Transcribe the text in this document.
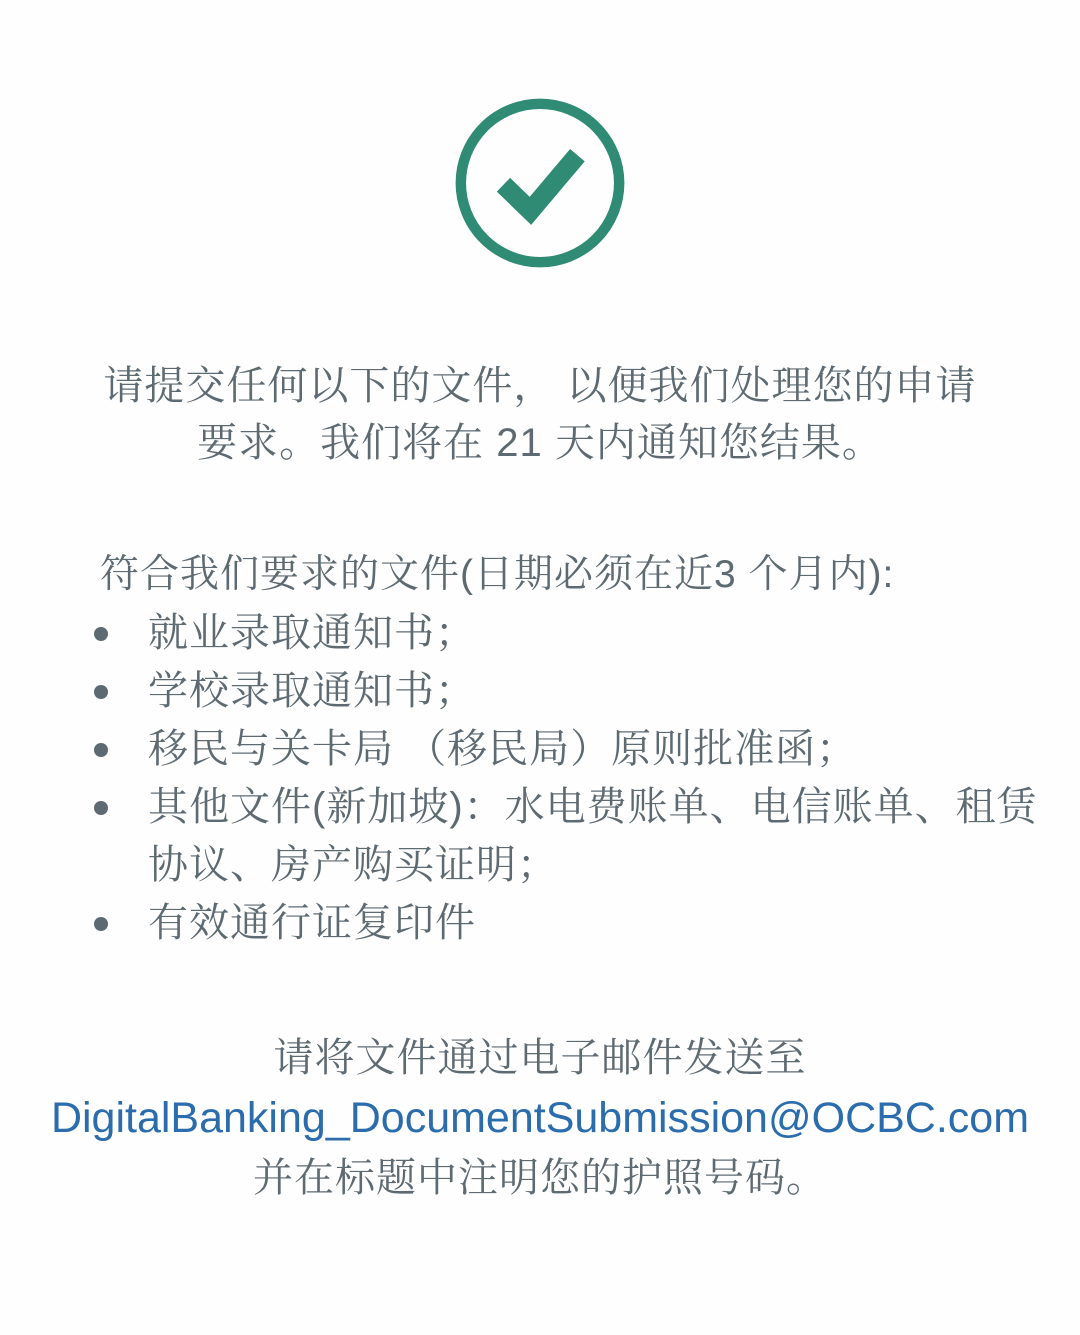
请提交任何以下的文件， 以便我们处理您的申请
要求。我们将在 21 天内通知您结果。
符合我们要求的文件(日期必须在近3 个月内):
就业录取通知书；
学校录取通知书；
移民与关卡局 （移民局）原则批准函；
其他文件(新加坡)：水电费账单、电信账单、租赁协议、房产购买证明；
有效通行证复印件
请将文件通过电子邮件发送至
DigitalBanking_DocumentSubmission@OCBC.com
并在标题中注明您的护照号码。
